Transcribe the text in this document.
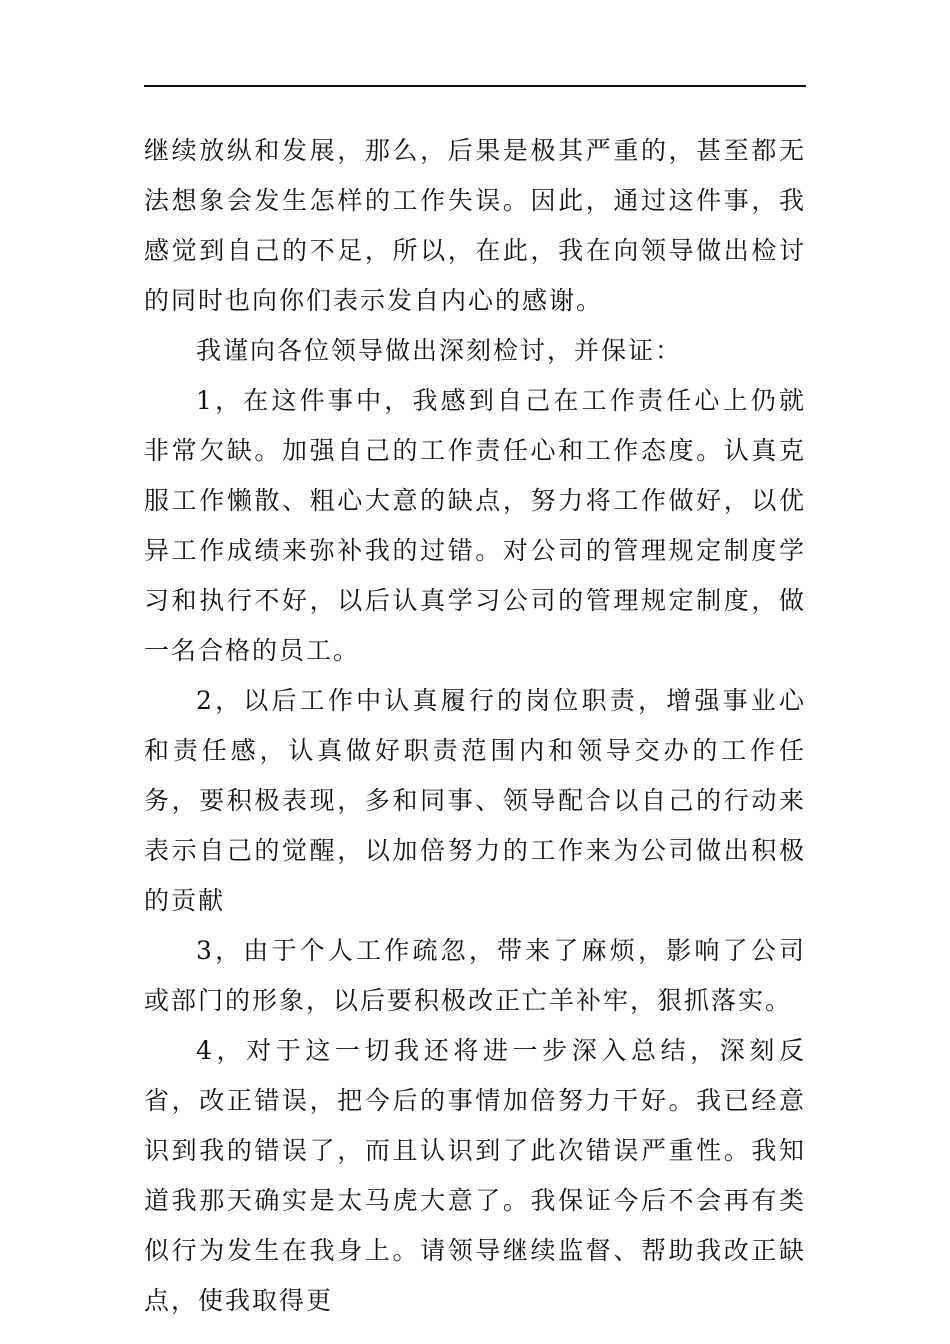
继续放纵和发展，那么，后果是极其严重的，甚至都无法想象会发生怎样的工作失误。因此，通过这件事，我感觉到自己的不足，所以，在此，我在向领导做出检讨的同时也向你们表示发自内心的感谢。

我谨向各位领导做出深刻检讨，并保证：

1，在这件事中，我感到自己在工作责任心上仍就非常欠缺。加强自己的工作责任心和工作态度。认真克服工作懒散、粗心大意的缺点，努力将工作做好，以优异工作成绩来弥补我的过错。对公司的管理规定制度学习和执行不好，以后认真学习公司的管理规定制度，做一名合格的员工。

2，以后工作中认真履行的岗位职责，增强事业心和责任感，认真做好职责范围内和领导交办的工作任务，要积极表现，多和同事、领导配合以自己的行动来表示自己的觉醒，以加倍努力的工作来为公司做出积极的贡献

3，由于个人工作疏忽，带来了麻烦，影响了公司或部门的形象，以后要积极改正亡羊补牢，狠抓落实。

4，对于这一切我还将进一步深入总结，深刻反省，改正错误，把今后的事情加倍努力干好。我已经意识到我的错误了，而且认识到了此次错误严重性。我知道我那天确实是太马虎大意了。我保证今后不会再有类似行为发生在我身上。请领导继续监督、帮助我改正缺点，使我取得更
